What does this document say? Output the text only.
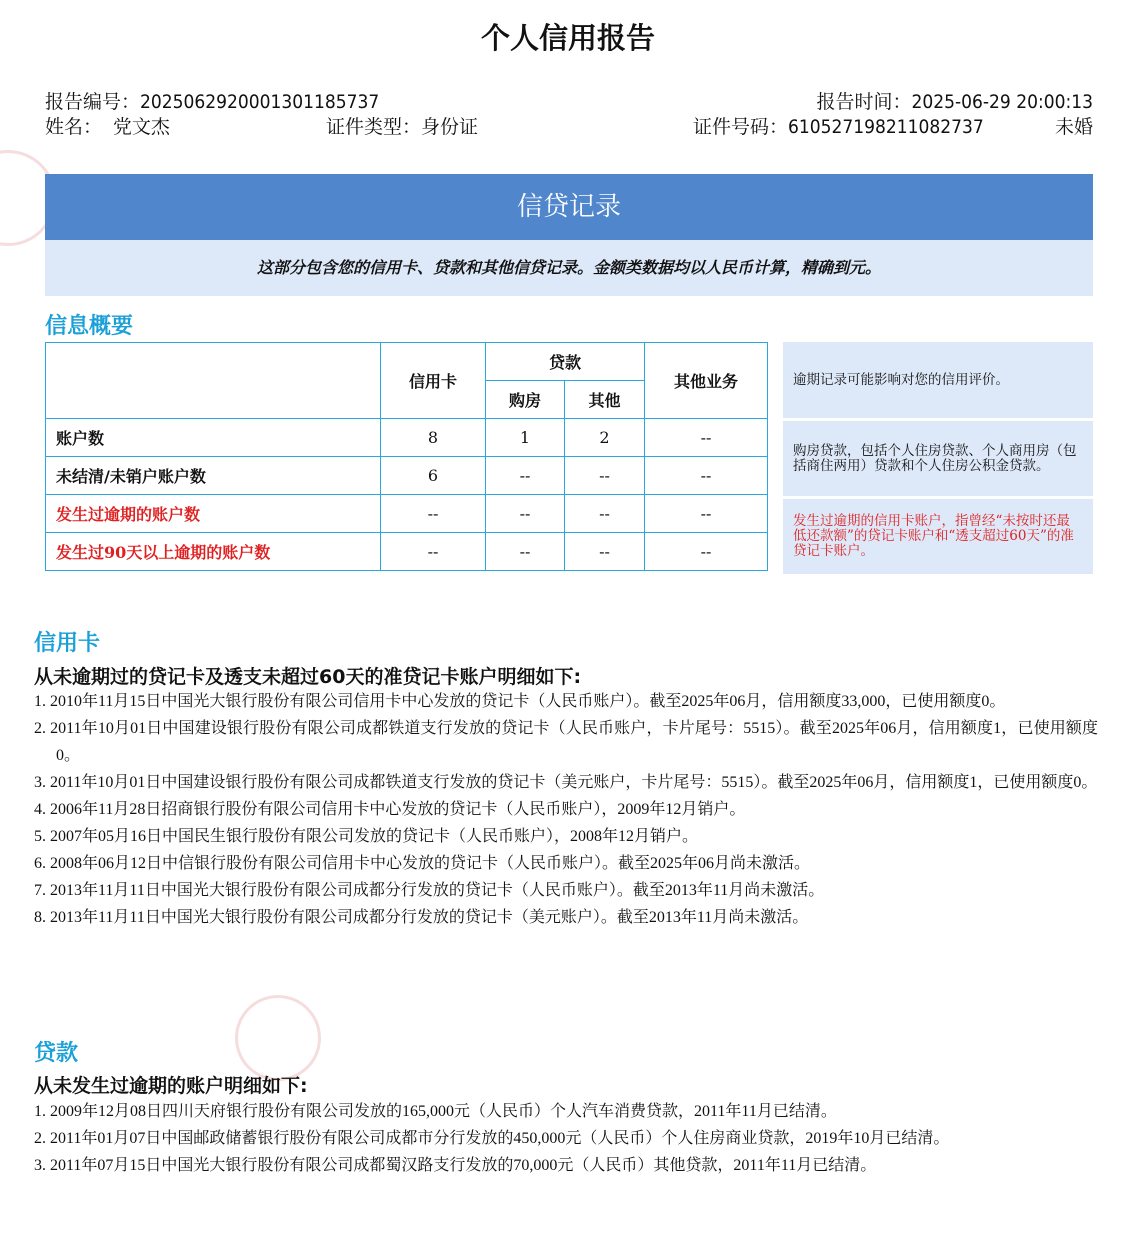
个人信用报告
报告编号：2025062920001301185737	报告时间：2025-06-29 20:00:13
姓名： 党文杰	证件类型：身份证	证件号码：610527198211082737	未婚
信贷记录
这部分包含您的信用卡、贷款和其他信贷记录。金额类数据均以人民币计算，精确到元。
信息概要
	信用卡	贷款		其他业务
		购房	其他	
账户数	8	1	2	--
未结清/未销户账户数	6	--	--	--
发生过逾期的账户数	--	--	--	--
发生过90天以上逾期的账户数	--	--	--	--
逾期记录可能影响对您的信用评价。
购房贷款，包括个人住房贷款、个人商用房（包括商住两用）贷款和个人住房公积金贷款。
发生过逾期的信用卡账户，指曾经“未按时还最低还款额”的贷记卡账户和“透支超过60天”的准贷记卡账户。
信用卡
从未逾期过的贷记卡及透支未超过60天的准贷记卡账户明细如下:
1. 2010年11月15日中国光大银行股份有限公司信用卡中心发放的贷记卡（人民币账户）。截至2025年06月，信用额度33,000，已使用额度0。
2. 2011年10月01日中国建设银行股份有限公司成都铁道支行发放的贷记卡（人民币账户，卡片尾号：5515）。截至2025年06月，信用额度1，已使用额度0。
3. 2011年10月01日中国建设银行股份有限公司成都铁道支行发放的贷记卡（美元账户，卡片尾号：5515）。截至2025年06月，信用额度1，已使用额度0。
4. 2006年11月28日招商银行股份有限公司信用卡中心发放的贷记卡（人民币账户），2009年12月销户。
5. 2007年05月16日中国民生银行股份有限公司发放的贷记卡（人民币账户），2008年12月销户。
6. 2008年06月12日中信银行股份有限公司信用卡中心发放的贷记卡（人民币账户）。截至2025年06月尚未激活。
7. 2013年11月11日中国光大银行股份有限公司成都分行发放的贷记卡（人民币账户）。截至2013年11月尚未激活。
8. 2013年11月11日中国光大银行股份有限公司成都分行发放的贷记卡（美元账户）。截至2013年11月尚未激活。
贷款
从未发生过逾期的账户明细如下:
1. 2009年12月08日四川天府银行股份有限公司发放的165,000元（人民币）个人汽车消费贷款，2011年11月已结清。
2. 2011年01月07日中国邮政储蓄银行股份有限公司成都市分行发放的450,000元（人民币）个人住房商业贷款，2019年10月已结清。
3. 2011年07月15日中国光大银行股份有限公司成都蜀汉路支行发放的70,000元（人民币）其他贷款，2011年11月已结清。
